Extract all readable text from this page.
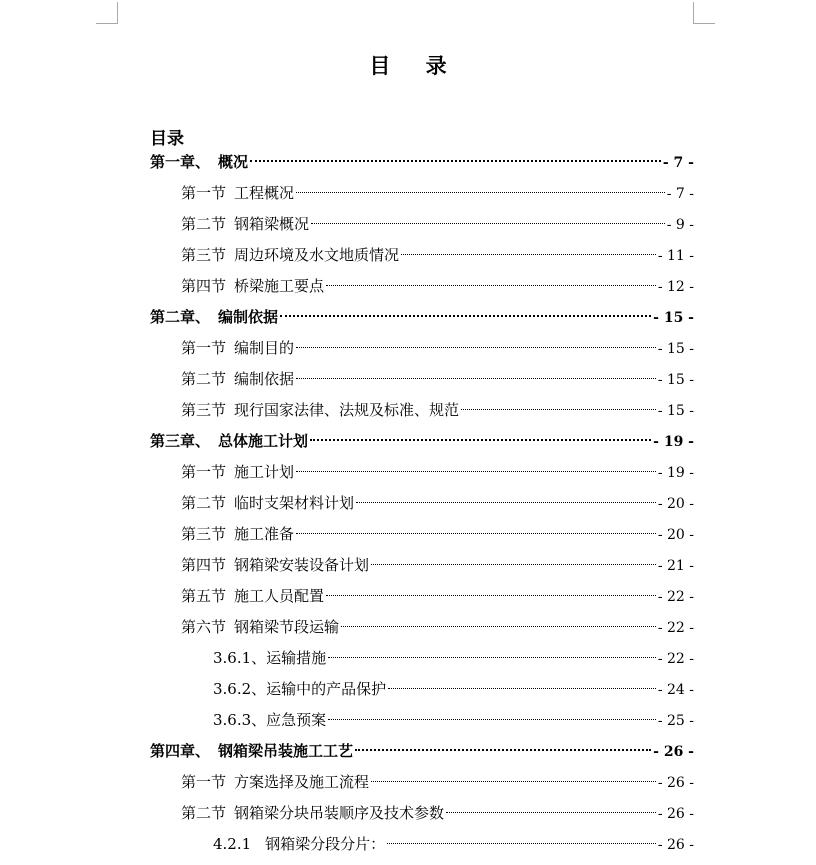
目 录
目录
第一章、 概况	- 7 -
第一节 工程概况	- 7 -
第二节 钢箱梁概况	- 9 -
第三节 周边环境及水文地质情况	- 11 -
第四节 桥梁施工要点	- 12 -
第二章、 编制依据	- 15 -
第一节 编制目的	- 15 -
第二节 编制依据	- 15 -
第三节 现行国家法律、法规及标准、规范	- 15 -
第三章、 总体施工计划	- 19 -
第一节 施工计划	- 19 -
第二节 临时支架材料计划	- 20 -
第三节 施工准备	- 20 -
第四节 钢箱梁安装设备计划	- 21 -
第五节 施工人员配置	- 22 -
第六节 钢箱梁节段运输	- 22 -
3.6.1、运输措施	- 22 -
3.6.2、运输中的产品保护	- 24 -
3.6.3、应急预案	- 25 -
第四章、 钢箱梁吊装施工工艺	- 26 -
第一节 方案选择及施工流程	- 26 -
第二节 钢箱梁分块吊装顺序及技术参数	- 26 -
4.2.1 钢箱梁分段分片：	- 26 -
